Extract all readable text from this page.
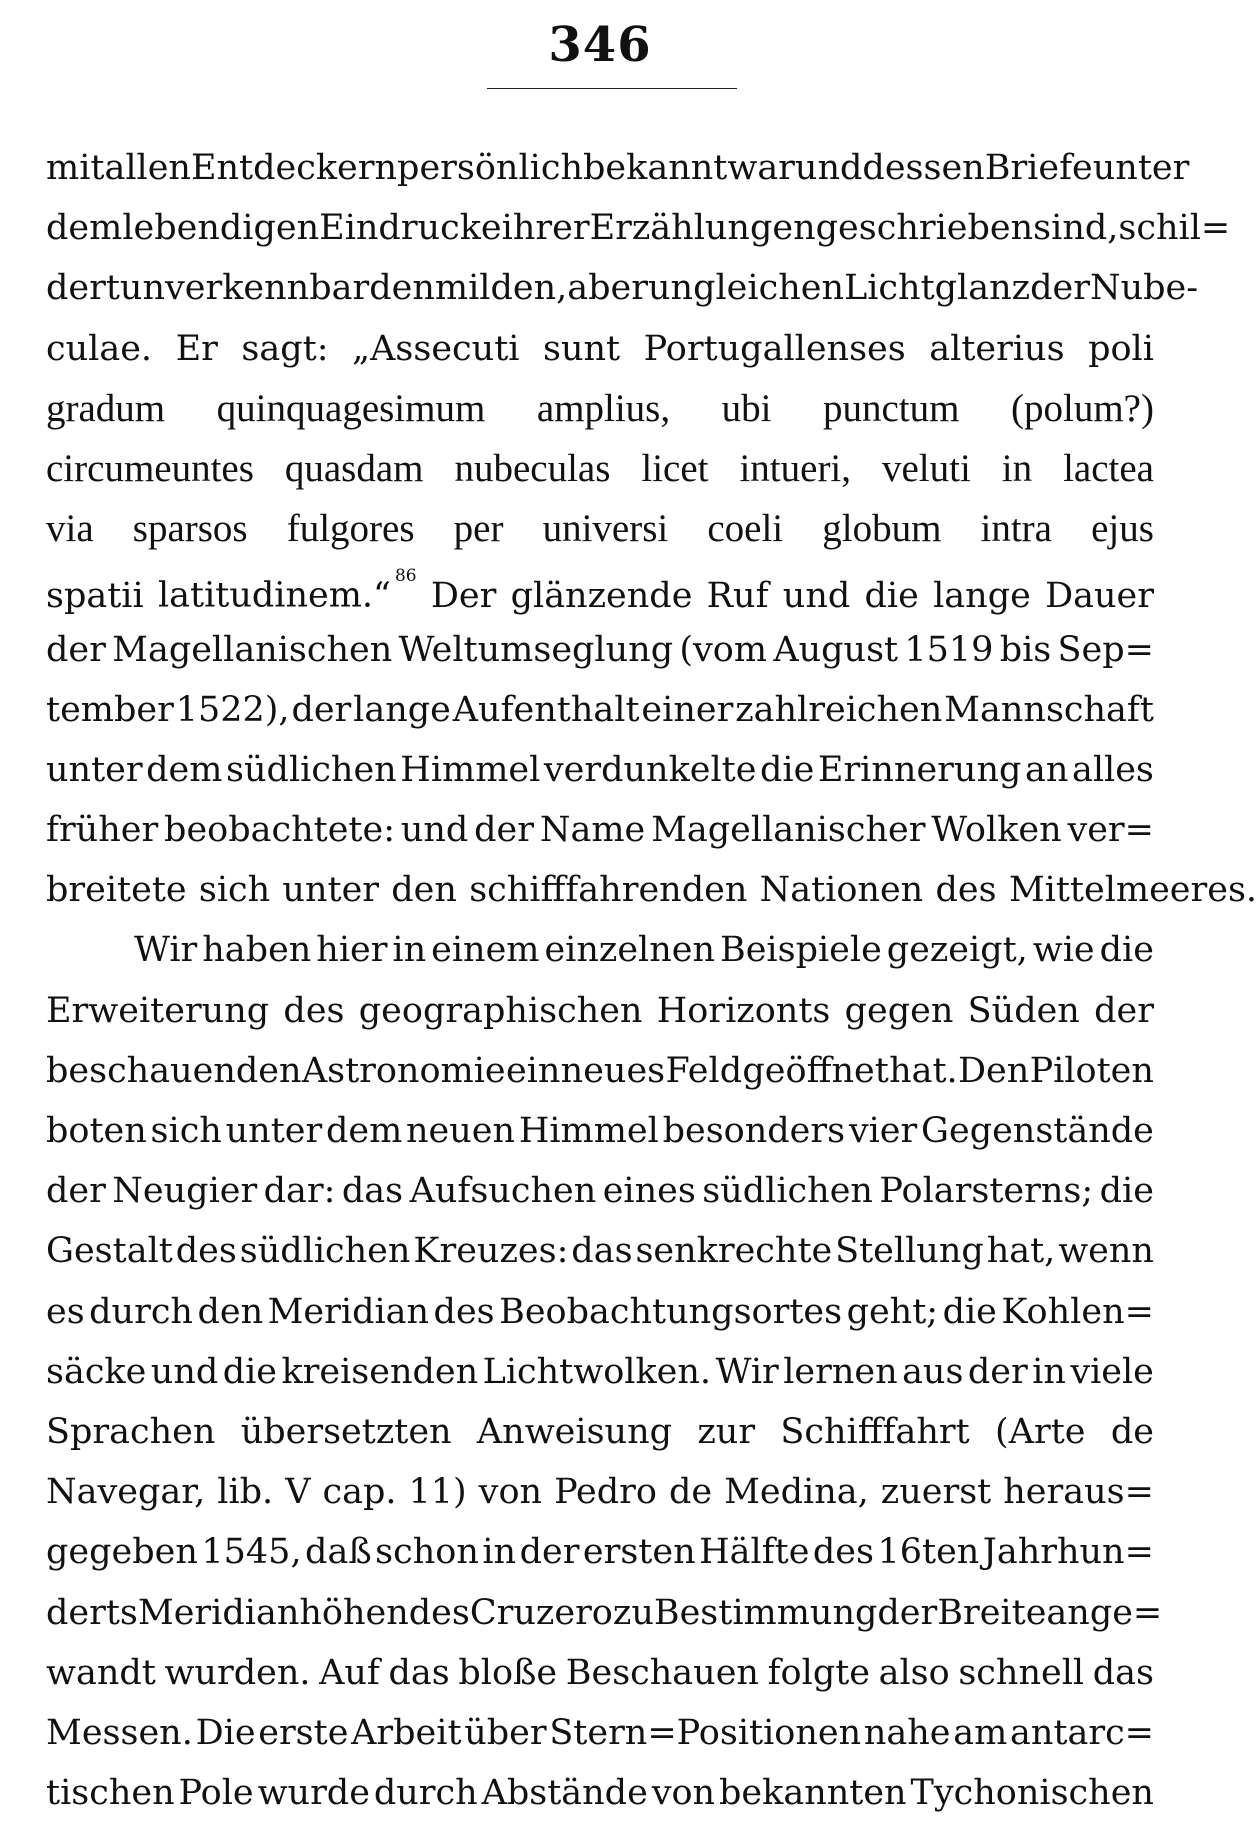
346
mit allen Entdeckern persönlich bekannt war und dessen Briefe unter
dem lebendigen Eindrucke ihrer Erzählungen geschrieben sind, schil=
dert unverkennbar den milden, aber ungleichen Lichtglanz der Nube-
culae. Er sagt: „Assecuti sunt Portugallenses alterius poli
gradum quinquagesimum amplius, ubi punctum (polum?)
circumeuntes quasdam nubeculas licet intueri, veluti in lactea
via sparsos fulgores per universi coeli globum intra ejus
spatii latitudinem.“ $^{86}$ Der glänzende Ruf und die lange Dauer
der Magellanischen Weltumseglung (vom August 1519 bis Sep=
tember 1522), der lange Aufenthalt einer zahlreichen Mannschaft
unter dem südlichen Himmel verdunkelte die Erinnerung an alles
früher beobachtete: und der Name Magellanischer Wolken ver=
breitete sich unter den schifffahrenden Nationen des Mittelmeeres.
Wir haben hier in einem einzelnen Beispiele gezeigt, wie die
Erweiterung des geographischen Horizonts gegen Süden der
beschauenden Astronomie ein neues Feld geöffnet hat. Den Piloten
boten sich unter dem neuen Himmel besonders vier Gegenstände
der Neugier dar: das Aufsuchen eines südlichen Polarsterns; die
Gestalt des südlichen Kreuzes: das senkrechte Stellung hat, wenn
es durch den Meridian des Beobachtungsortes geht; die Kohlen=
säcke und die kreisenden Lichtwolken. Wir lernen aus der in viele
Sprachen übersetzten Anweisung zur Schifffahrt (Arte de
Navegar, lib. V cap. 11) von Pedro de Medina, zuerst heraus=
gegeben 1545, daß schon in der ersten Hälfte des 16ten Jahrhun=
derts Meridianhöhen des Cruzero zu Bestimmung der Breite ange=
wandt wurden. Auf das bloße Beschauen folgte also schnell das
Messen. Die erste Arbeit über Stern=Positionen nahe am antarc=
tischen Pole wurde durch Abstände von bekannten Tychonischen
